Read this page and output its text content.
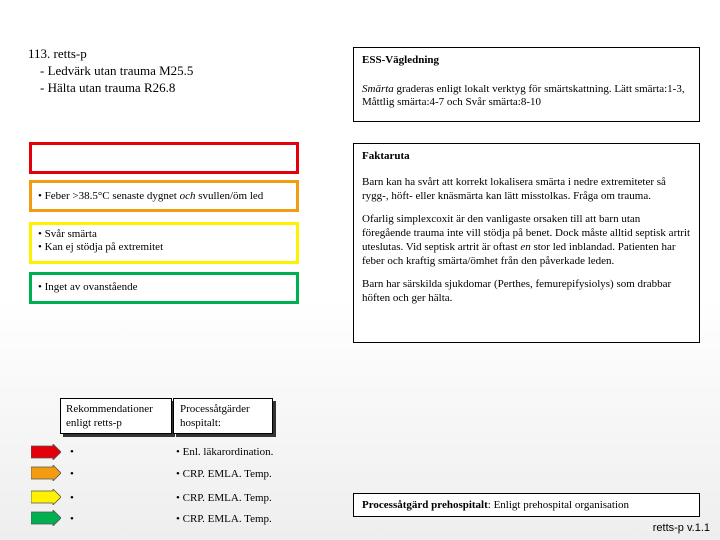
113. retts-p
- Ledvärk utan trauma M25.5
- Hälta utan trauma R26.8
ESS-Vägledning
Smärta graderas enligt lokalt verktyg för smärtskattning. Lätt smärta:1-3, Måttlig smärta:4-7 och Svår smärta:8-10
• Feber >38.5°C senaste dygnet och svullen/öm led
• Svår smärta
• Kan ej stödja på extremitet
• Inget av ovanstående
Faktaruta

Barn kan ha svårt att korrekt lokalisera smärta i nedre extremiteter så rygg-, höft- eller knäsmärta kan lätt misstolkas. Fråga om trauma.

Ofarlig simplexcoxit är den vanligaste orsaken till att barn utan föregående trauma inte vill stödja på benet. Dock måste alltid septisk artrit uteslutas. Vid septisk artrit är oftast en stor led inblandad. Patienten har feber och kraftig smärta/ömhet från den påverkade leden.

Barn har särskilda sjukdomar (Perthes, femurepifysiolys) som drabbar höften och ger hälta.

Rekommendationer enligt retts-p
Processåtgärder hospitalt:
•	• Enl. läkarordination.
•	• CRP. EMLA. Temp.
•	• CRP. EMLA. Temp.
•	• CRP. EMLA. Temp.
Processåtgärd prehospitalt: Enligt prehospital organisation
retts-p v.1.1
